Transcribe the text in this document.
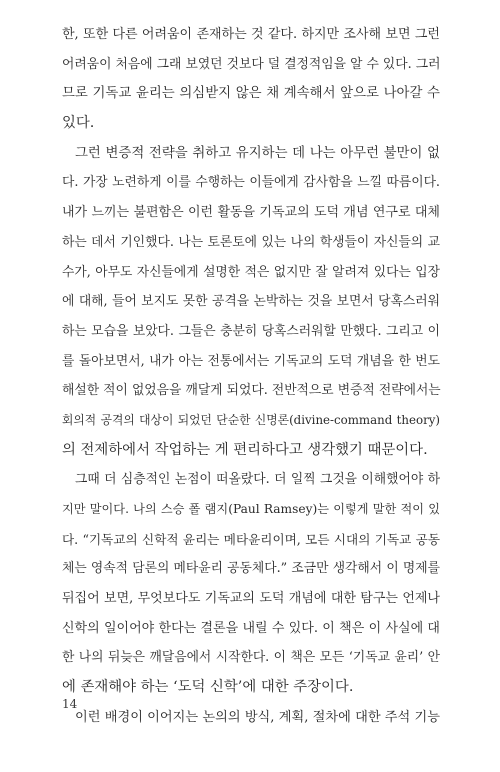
한, 또한 다른 어려움이 존재하는 것 같다. 하지만 조사해 보면 그런
어려움이 처음에 그래 보였던 것보다 덜 결정적임을 알 수 있다. 그러
므로 기독교 윤리는 의심받지 않은 채 계속해서 앞으로 나아갈 수
있다.
그런 변증적 전략을 취하고 유지하는 데 나는 아무런 불만이 없
다. 가장 노련하게 이를 수행하는 이들에게 감사함을 느낄 따름이다.
내가 느끼는 불편함은 이런 활동을 기독교의 도덕 개념 연구로 대체
하는 데서 기인했다. 나는 토론토에 있는 나의 학생들이 자신들의 교
수가, 아무도 자신들에게 설명한 적은 없지만 잘 알려져 있다는 입장
에 대해, 들어 보지도 못한 공격을 논박하는 것을 보면서 당혹스러워
하는 모습을 보았다. 그들은 충분히 당혹스러워할 만했다. 그리고 이
를 돌아보면서, 내가 아는 전통에서는 기독교의 도덕 개념을 한 번도
해설한 적이 없었음을 깨달게 되었다. 전반적으로 변증적 전략에서는
회의적 공격의 대상이 되었던 단순한 신명론(divine-command theory)
의 전제하에서 작업하는 게 편리하다고 생각했기 때문이다.
그때 더 심층적인 논점이 떠올랐다. 더 일찍 그것을 이해했어야 하
지만 말이다. 나의 스승 폴 램지(Paul Ramsey)는 이렇게 말한 적이 있
다. “기독교의 신학적 윤리는 메타윤리이며, 모든 시대의 기독교 공동
체는 영속적 담론의 메타윤리 공동체다.” 조금만 생각해서 이 명제를
뒤집어 보면, 무엇보다도 기독교의 도덕 개념에 대한 탐구는 언제나
신학의 일이어야 한다는 결론을 내릴 수 있다. 이 책은 이 사실에 대
한 나의 뒤늦은 깨달음에서 시작한다. 이 책은 모든 ‘기독교 윤리’ 안
에 존재해야 하는 ‘도덕 신학’에 대한 주장이다.
이런 배경이 이어지는 논의의 방식, 계획, 절차에 대한 주석 기능
14
